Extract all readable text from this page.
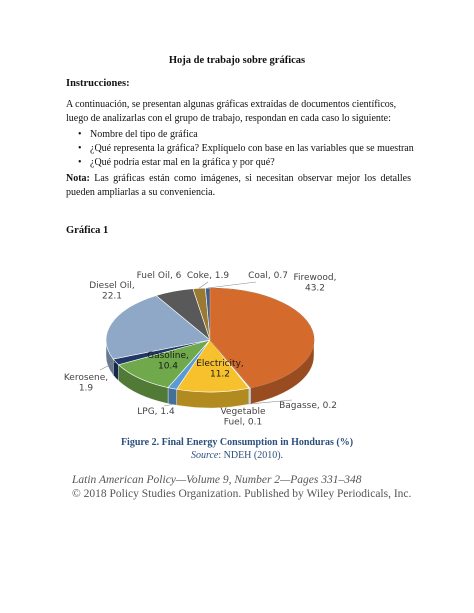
Hoja de trabajo sobre gráficas
Instrucciones:
A continuación, se presentan algunas gráficas extraídas de documentos científicos, luego de analizarlas con el grupo de trabajo, respondan en cada caso lo siguiente:
• Nombre del tipo de gráfica
• ¿Qué representa la gráfica? Explíquelo con base en las variables que se muestran
• ¿Qué podría estar mal en la gráfica y por qué?
Nota: Las gráficas están como imágenes, si necesitan observar mejor los detalles pueden ampliarlas a su conveniencia.
Gráfica 1
Firewood, 43.2
Bagasse, 0.2
Vegetable Fuel, 0.1
Electricity, 11.2
LPG, 1.4
Gasoline, 10.4
Kerosene, 1.9
Diesel Oil, 22.1
Fuel Oil, 6 Coke, 1.9 Coal, 0.7
Figure 2. Final Energy Consumption in Honduras (%)
Source: NDEH (2010).
Latin American Policy—Volume 9, Number 2—Pages 331–348
© 2018 Policy Studies Organization. Published by Wiley Periodicals, Inc.
